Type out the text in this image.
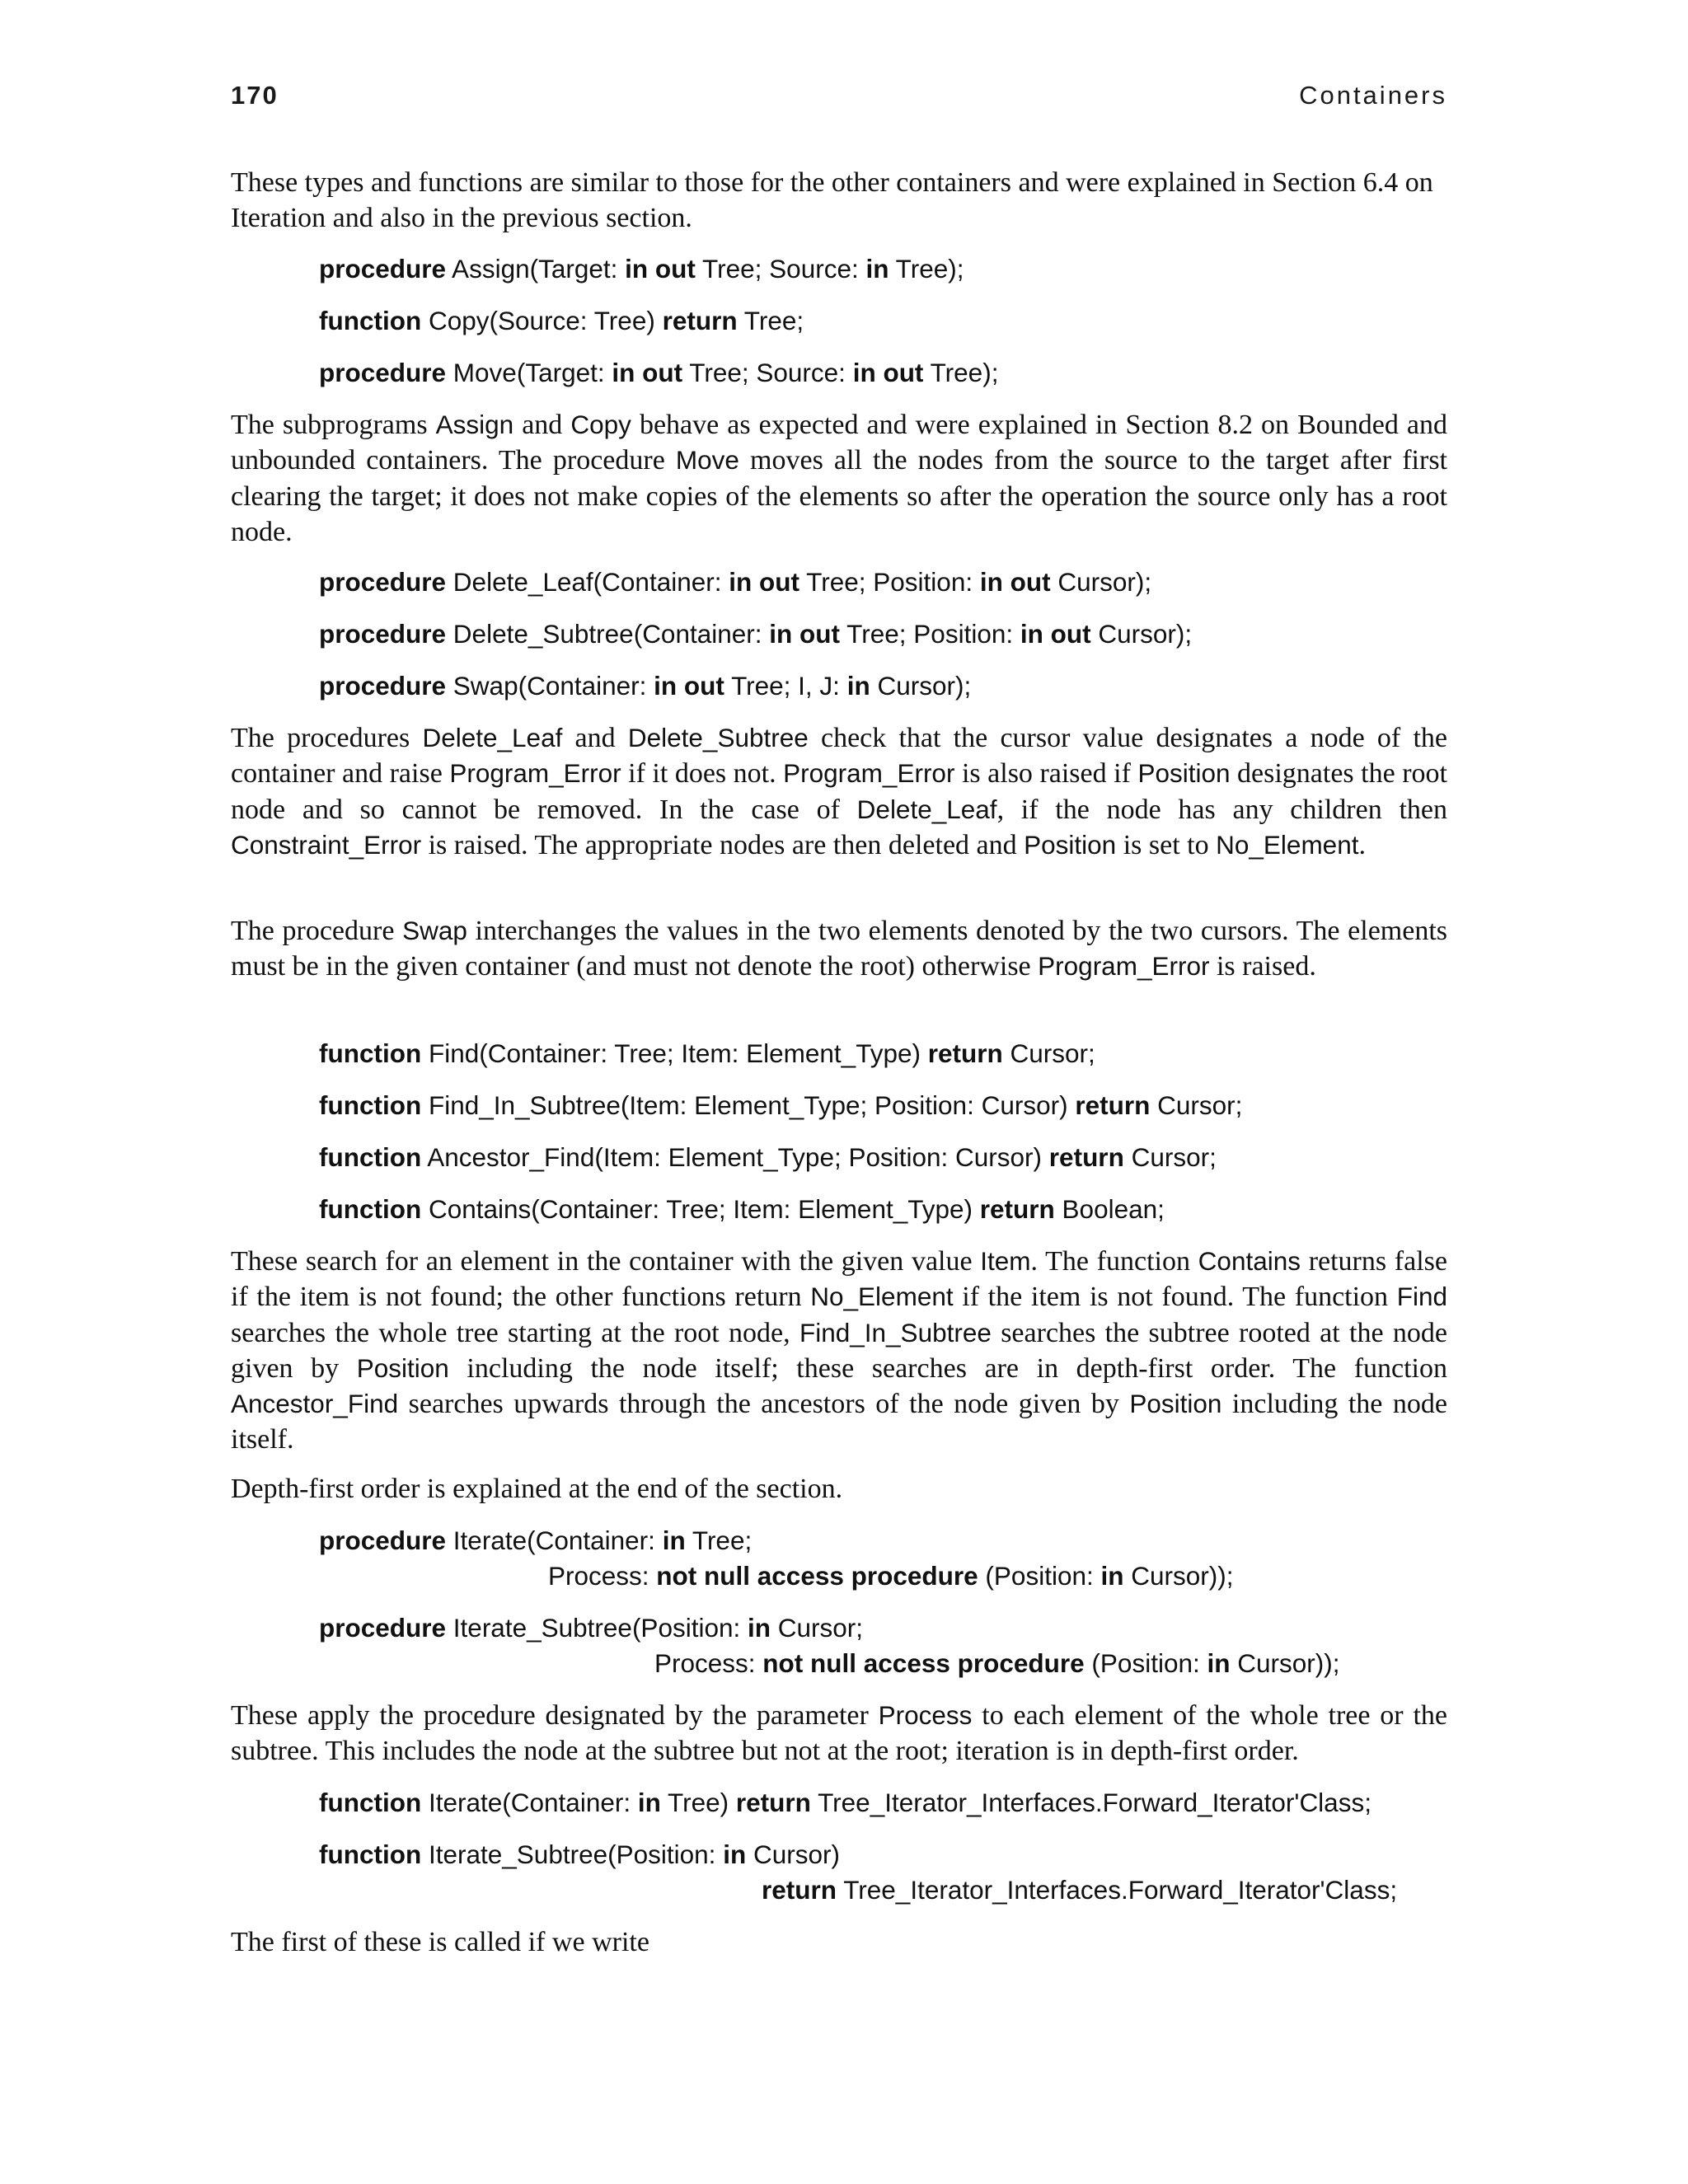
170	Containers

These types and functions are similar to those for the other containers and were explained in Section 6.4 on Iteration and also in the previous section.

procedure Assign(Target: in out Tree; Source: in Tree);
function Copy(Source: Tree) return Tree;
procedure Move(Target: in out Tree; Source: in out Tree);

The subprograms Assign and Copy behave as expected and were explained in Section 8.2 on Bounded and unbounded containers. The procedure Move moves all the nodes from the source to the target after first clearing the target; it does not make copies of the elements so after the operation the source only has a root node.

procedure Delete_Leaf(Container: in out Tree; Position: in out Cursor);
procedure Delete_Subtree(Container: in out Tree; Position: in out Cursor);
procedure Swap(Container: in out Tree; I, J: in Cursor);

The procedures Delete_Leaf and Delete_Subtree check that the cursor value designates a node of the container and raise Program_Error if it does not. Program_Error is also raised if Position designates the root node and so cannot be removed. In the case of Delete_Leaf, if the node has any children then Constraint_Error is raised. The appropriate nodes are then deleted and Position is set to No_Element.

The procedure Swap interchanges the values in the two elements denoted by the two cursors. The elements must be in the given container (and must not denote the root) otherwise Program_Error is raised.

function Find(Container: Tree; Item: Element_Type) return Cursor;
function Find_In_Subtree(Item: Element_Type; Position: Cursor) return Cursor;
function Ancestor_Find(Item: Element_Type; Position: Cursor) return Cursor;
function Contains(Container: Tree; Item: Element_Type) return Boolean;

These search for an element in the container with the given value Item. The function Contains returns false if the item is not found; the other functions return No_Element if the item is not found. The function Find searches the whole tree starting at the root node, Find_In_Subtree searches the subtree rooted at the node given by Position including the node itself; these searches are in depth-first order. The function Ancestor_Find searches upwards through the ancestors of the node given by Position including the node itself.

Depth-first order is explained at the end of the section.

procedure Iterate(Container: in Tree;
Process: not null access procedure (Position: in Cursor));
procedure Iterate_Subtree(Position: in Cursor;
Process: not null access procedure (Position: in Cursor));

These apply the procedure designated by the parameter Process to each element of the whole tree or the subtree. This includes the node at the subtree but not at the root; iteration is in depth-first order.

function Iterate(Container: in Tree) return Tree_Iterator_Interfaces.Forward_Iterator'Class;
function Iterate_Subtree(Position: in Cursor)
return Tree_Iterator_Interfaces.Forward_Iterator'Class;

The first of these is called if we write
